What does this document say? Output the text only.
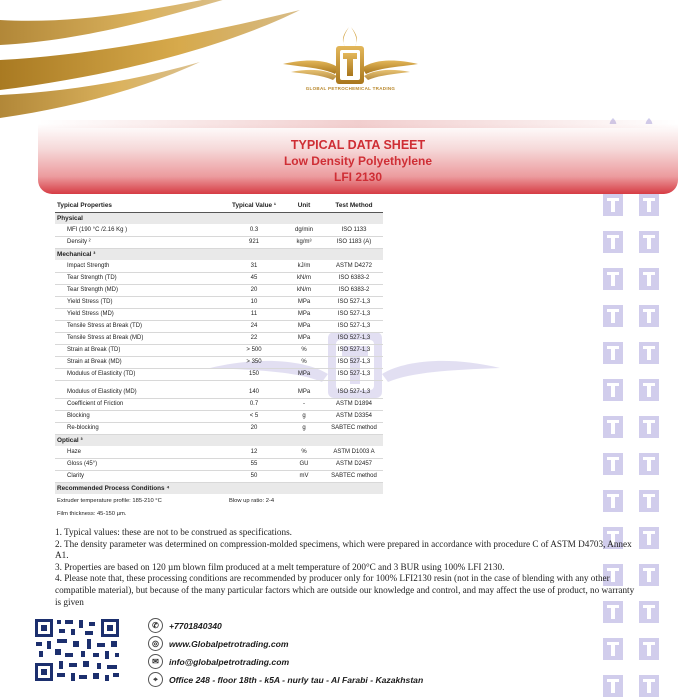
GLOBAL PETROCHEMICAL TRADING

TYPICAL DATA SHEET
Low Density Polyethylene
LFI 2130
Typical Properties	Typical Value ¹	Unit	Test Method
Physical			
MFI (190 °C /2.16 Kg )	0.3	dg/min	ISO 1133
Density ²	921	kg/m³	ISO 1183 (A)
Mechanical ³			
Impact Strength	31	kJ/m	ASTM D4272
Tear Strength (TD)	45	kN/m	ISO 6383-2
Tear Strength (MD)	20	kN/m	ISO 6383-2
Yield Stress (TD)	10	MPa	ISO 527-1,3
Yield Stress (MD)	11	MPa	ISO 527-1,3
Tensile Stress at Break (TD)	24	MPa	ISO 527-1,3
Tensile Stress at Break (MD)	22	MPa	ISO 527-1,3
Strain at Break (TD)	> 500	%	ISO 527-1,3
Strain at Break (MD)	> 350	%	ISO 527-1,3
Modulus of Elasticity (TD)	150	MPa	ISO 527-1,3

Modulus of Elasticity (MD)	140	MPa	ISO 527-1,3
Coefficient of Friction	0.7	-	ASTM D1894
Blocking	< 5	g	ASTM D3354
Re-blocking	20	g	SABTEC method
Optical ³			
Haze	12	%	ASTM D1003 A
Gloss (45°)	55	GU	ASTM D2457
Clarity	50	mV	SABTEC method
Recommended Process Conditions ⁴			
Extruder temperature profile: 185-210 °C	Blow up ratio: 2-4		
Film thickness: 45-150 µm.			
1. Typical values: these are not to be construed as specifications.
2. The density parameter was determined on compression-molded specimens, which were prepared in accordance with procedure C of ASTM D4703, Annex A1.
3. Properties are based on 120 µm blown film produced at a melt temperature of 200°C and 3 BUR using 100% LFI 2130.
4. Please note that, these processing conditions are recommended by producer only for 100% LFI2130 resin (not in the case of blending with any other compatible material), but because of the many particular factors which are outside our knowledge and control, and may affect the use of product, no warranty is given
✆	+7701840340
◎	www.Globalpetrotrading.com
✉	info@globalpetrotrading.com
⌖	Office 248 - floor 18th - k5A - nurly tau - Al Farabi - Kazakhstan
